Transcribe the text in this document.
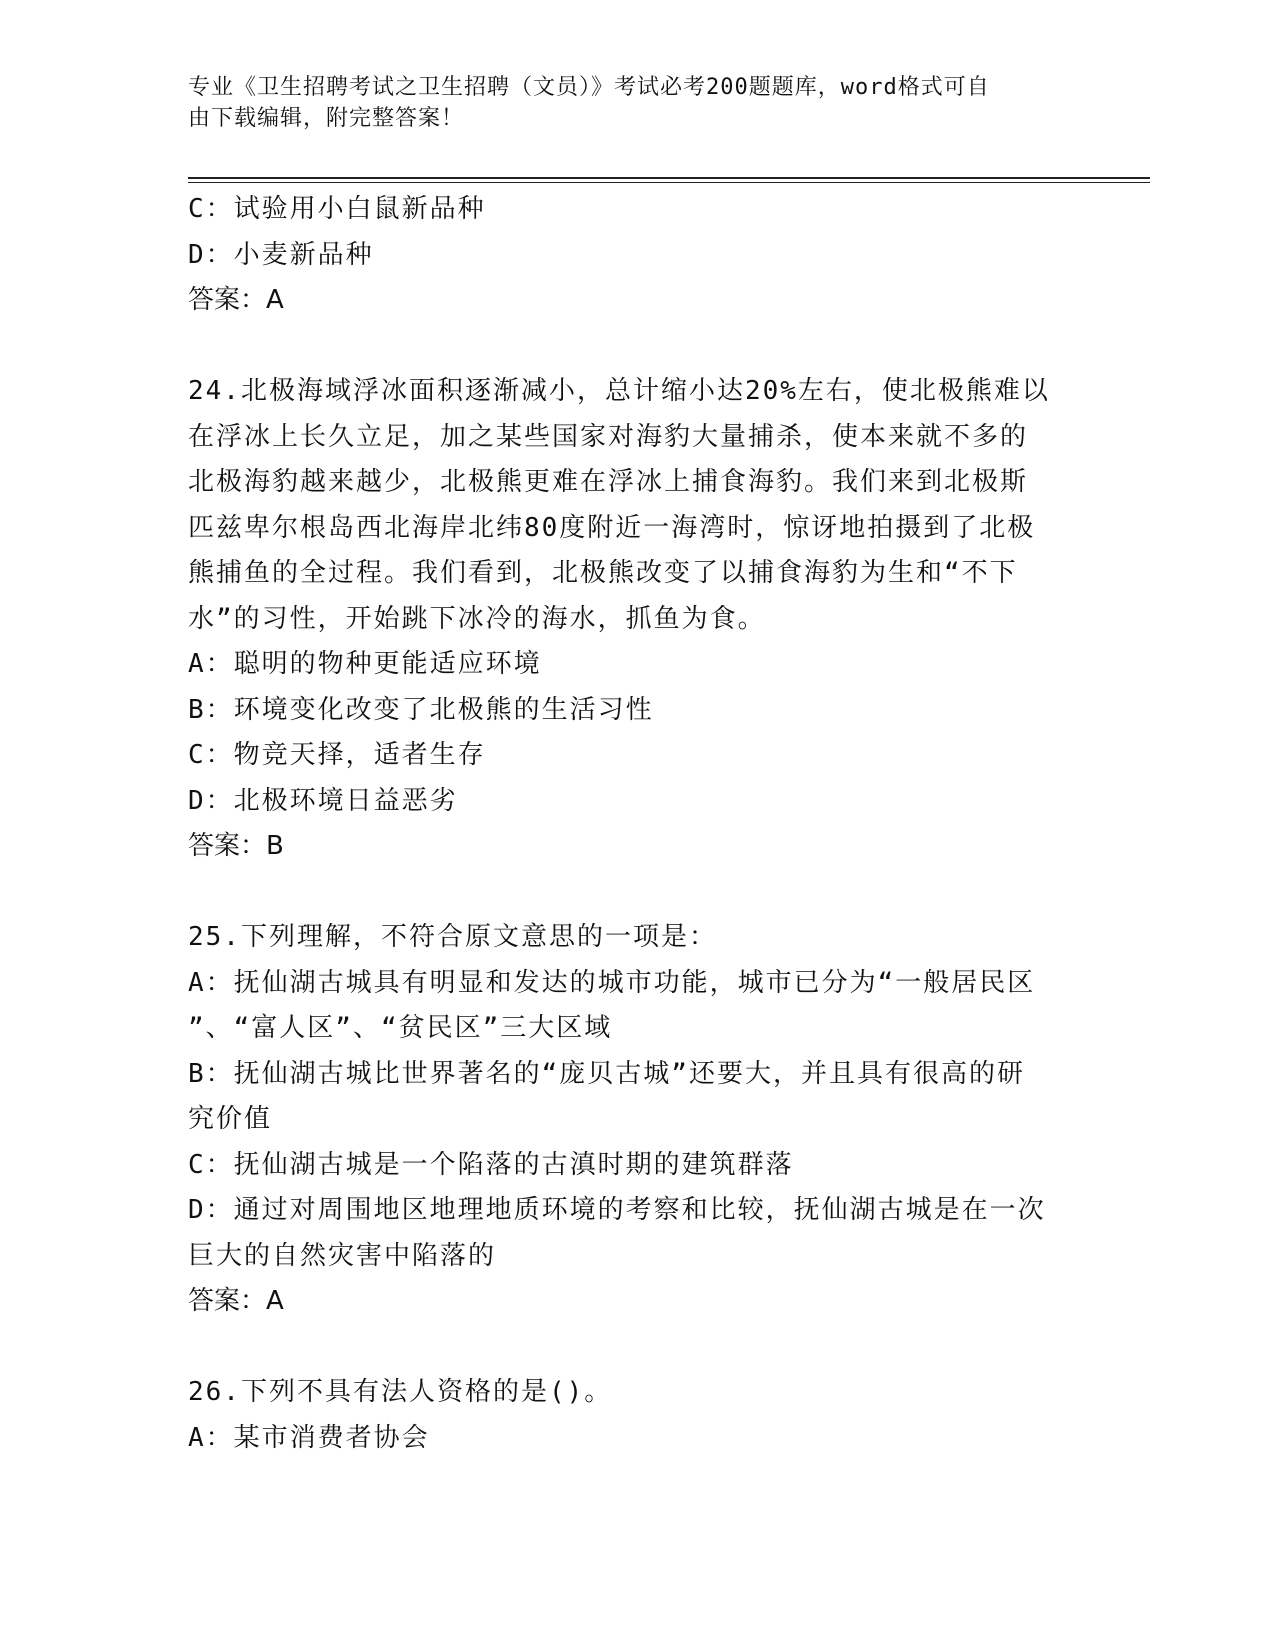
专业《卫生招聘考试之卫生招聘（文员）》考试必考200题题库，word格式可自
由下载编辑，附完整答案！
C：试验用小白鼠新品种
D：小麦新品种
答案：A
24.北极海域浮冰面积逐渐减小，总计缩小达20%左右，使北极熊难以
在浮冰上长久立足，加之某些国家对海豹大量捕杀，使本来就不多的
北极海豹越来越少，北极熊更难在浮冰上捕食海豹。我们来到北极斯
匹兹卑尔根岛西北海岸北纬80度附近一海湾时，惊讶地拍摄到了北极
熊捕鱼的全过程。我们看到，北极熊改变了以捕食海豹为生和“不下
水”的习性，开始跳下冰冷的海水，抓鱼为食。
A：聪明的物种更能适应环境
B：环境变化改变了北极熊的生活习性
C：物竞天择，适者生存
D：北极环境日益恶劣
答案：B
25.下列理解，不符合原文意思的一项是：
A：抚仙湖古城具有明显和发达的城市功能，城市已分为“一般居民区
”、“富人区”、“贫民区”三大区域
B：抚仙湖古城比世界著名的“庞贝古城”还要大，并且具有很高的研
究价值
C：抚仙湖古城是一个陷落的古滇时期的建筑群落
D：通过对周围地区地理地质环境的考察和比较，抚仙湖古城是在一次
巨大的自然灾害中陷落的
答案：A
26.下列不具有法人资格的是()。
A：某市消费者协会
